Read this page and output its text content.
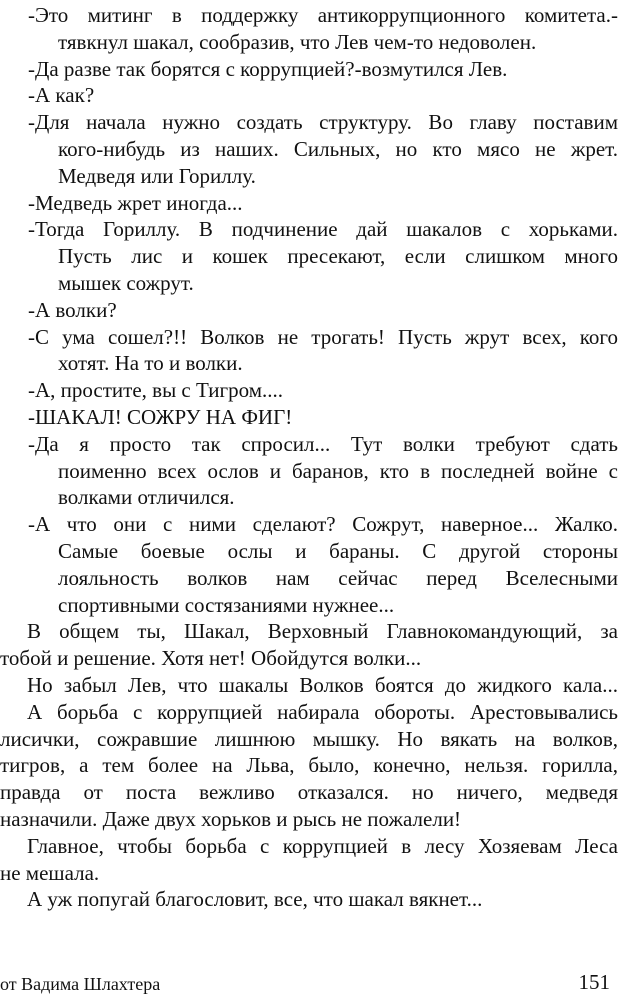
-Это митинг в поддержку антикоррупционного комитета.-
тявкнул шакал, сообразив, что Лев чем-то недоволен.
-Да разве так борятся с коррупцией?-возмутился Лев.
-А как?
-Для начала нужно создать структуру. Во главу поставим
кого-нибудь из наших. Сильных, но кто мясо не жрет.
Медведя или Гориллу.
-Медведь жрет иногда...
-Тогда Гориллу. В подчинение дай шакалов с хорьками.
Пусть лис и кошек пресекают, если слишком много
мышек сожрут.
-А волки?
-С ума сошел?!! Волков не трогать! Пусть жрут всех, кого
хотят. На то и волки.
-А, простите, вы с Тигром....
-ШАКАЛ! СОЖРУ НА ФИГ!
-Да я просто так спросил... Тут волки требуют сдать
поименно всех ослов и баранов, кто в последней войне с
волками отличился.
-А что они с ними сделают? Сожрут, наверное... Жалко.
Самые боевые ослы и бараны. С другой стороны
лояльность волков нам сейчас перед Вселесными
спортивными состязаниями нужнее...
В общем ты, Шакал, Верховный Главнокомандующий, за
тобой и решение. Хотя нет! Обойдутся волки...
Но забыл Лев, что шакалы Волков боятся до жидкого кала...
А борьба с коррупцией набирала обороты. Арестовывались
лисички, сожравшие лишнюю мышку. Но вякать на волков,
тигров, а тем более на Льва, было, конечно, нельзя. горилла,
правда от поста вежливо отказался. но ничего, медведя
назначили. Даже двух хорьков и рысь не пожалели!
Главное, чтобы борьба с коррупцией в лесу Хозяевам Леса
не мешала.
А уж попугай благословит, все, что шакал вякнет...
от Вадима Шлахтера	151
